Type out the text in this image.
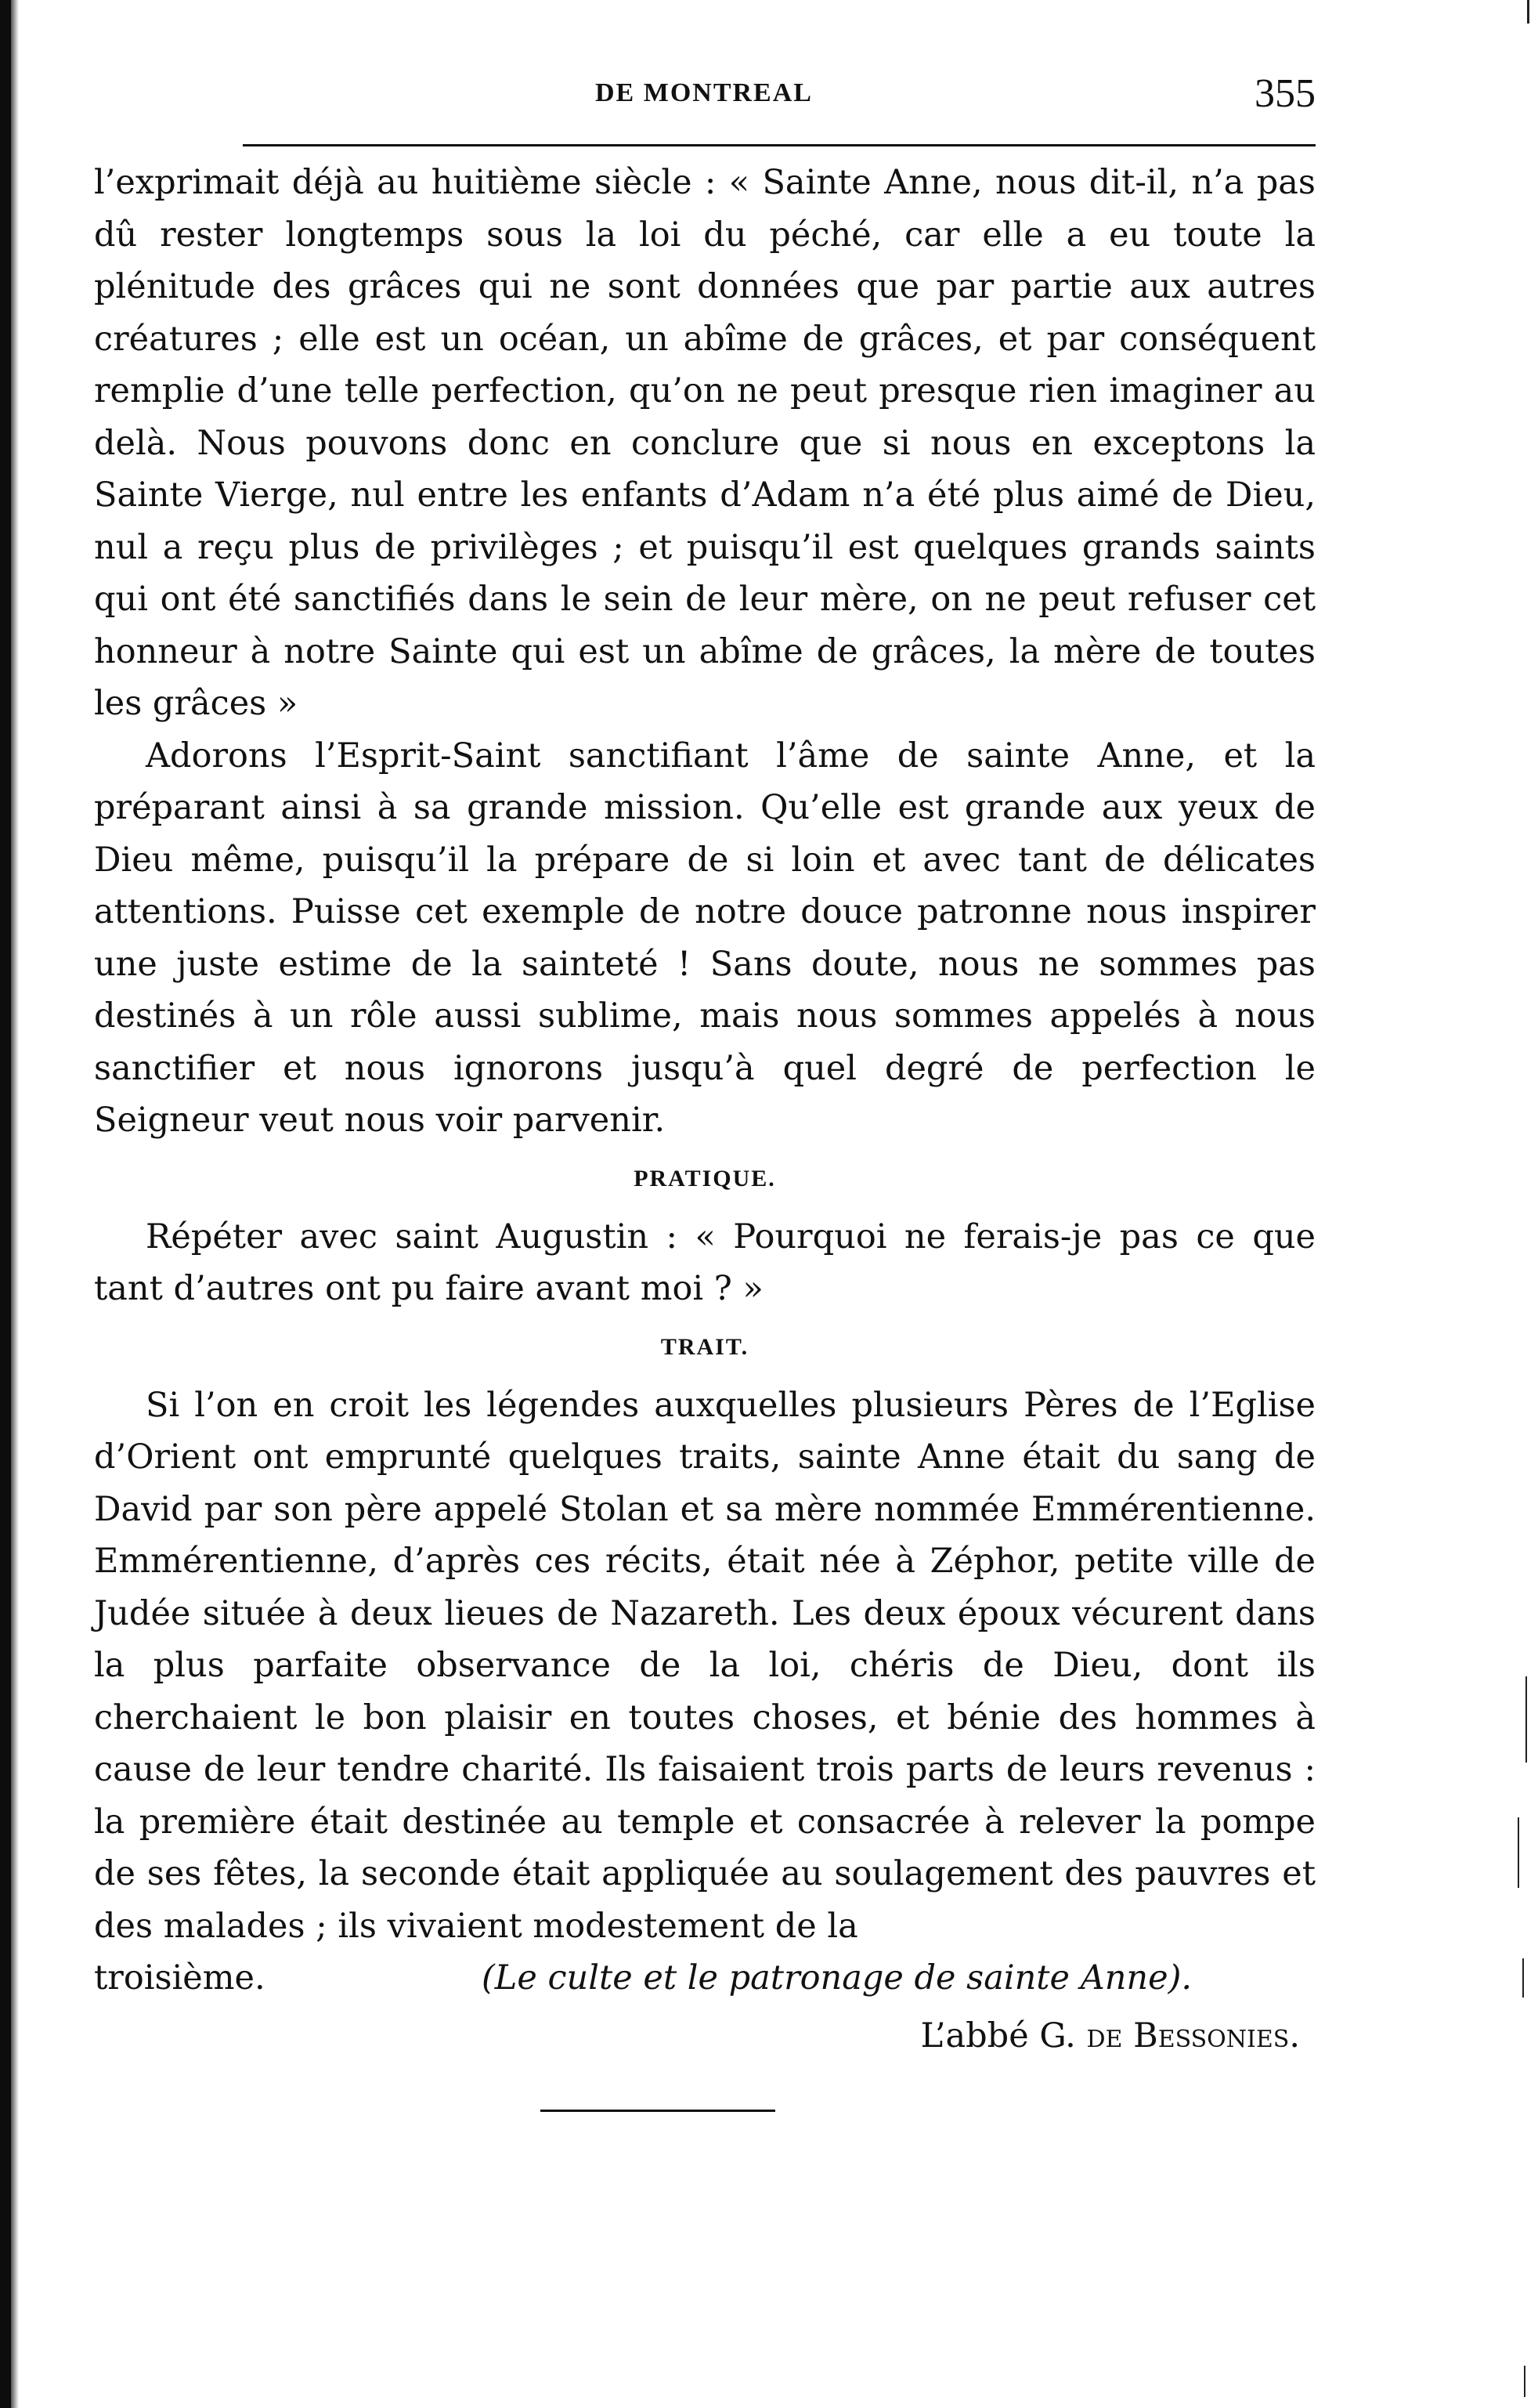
DE MONTREAL	355

l’exprimait déjà au huitième siècle : « Sainte Anne, nous dit-il, n’a pas dû rester longtemps sous la loi du péché, car elle a eu toute la plénitude des grâces qui ne sont données que par partie aux autres créatures ; elle est un océan, un abîme de grâces, et par conséquent remplie d’une telle perfection, qu’on ne peut presque rien imaginer au delà. Nous pouvons donc en conclure que si nous en exceptons la Sainte Vierge, nul entre les enfants d’Adam n’a été plus aimé de Dieu, nul a reçu plus de privilèges ; et puisqu’il est quelques grands saints qui ont été sanctifiés dans le sein de leur mère, on ne peut refuser cet honneur à notre Sainte qui est un abîme de grâces, la mère de toutes les grâces »

Adorons l’Esprit-Saint sanctifiant l’âme de sainte Anne, et la préparant ainsi à sa grande mission. Qu’elle est grande aux yeux de Dieu même, puisqu’il la prépare de si loin et avec tant de délicates attentions. Puisse cet exemple de notre douce patronne nous inspirer une juste estime de la sainteté ! Sans doute, nous ne sommes pas destinés à un rôle aussi sublime, mais nous sommes appelés à nous sanctifier et nous ignorons jusqu’à quel degré de perfection le Seigneur veut nous voir parvenir.

PRATIQUE.

Répéter avec saint Augustin : « Pourquoi ne ferais-je pas ce que tant d’autres ont pu faire avant moi ? »

TRAIT.

Si l’on en croit les légendes auxquelles plusieurs Pères de l’Eglise d’Orient ont emprunté quelques traits, sainte Anne était du sang de David par son père appelé Stolan et sa mère nommée Emmérentienne. Emmérentienne, d’après ces récits, était née à Zéphor, petite ville de Judée située à deux lieues de Nazareth. Les deux époux vécurent dans la plus parfaite observance de la loi, chéris de Dieu, dont ils cherchaient le bon plaisir en toutes choses, et bénie des hommes à cause de leur tendre charité. Ils faisaient trois parts de leurs revenus : la première était destinée au temple et consacrée à relever la pompe de ses fêtes, la seconde était appliquée au soulagement des pauvres et des malades ; ils vivaient modestement de la

troisième.	(Le culte et le patronage de sainte Anne).
L’abbé G. de Bessonies.
